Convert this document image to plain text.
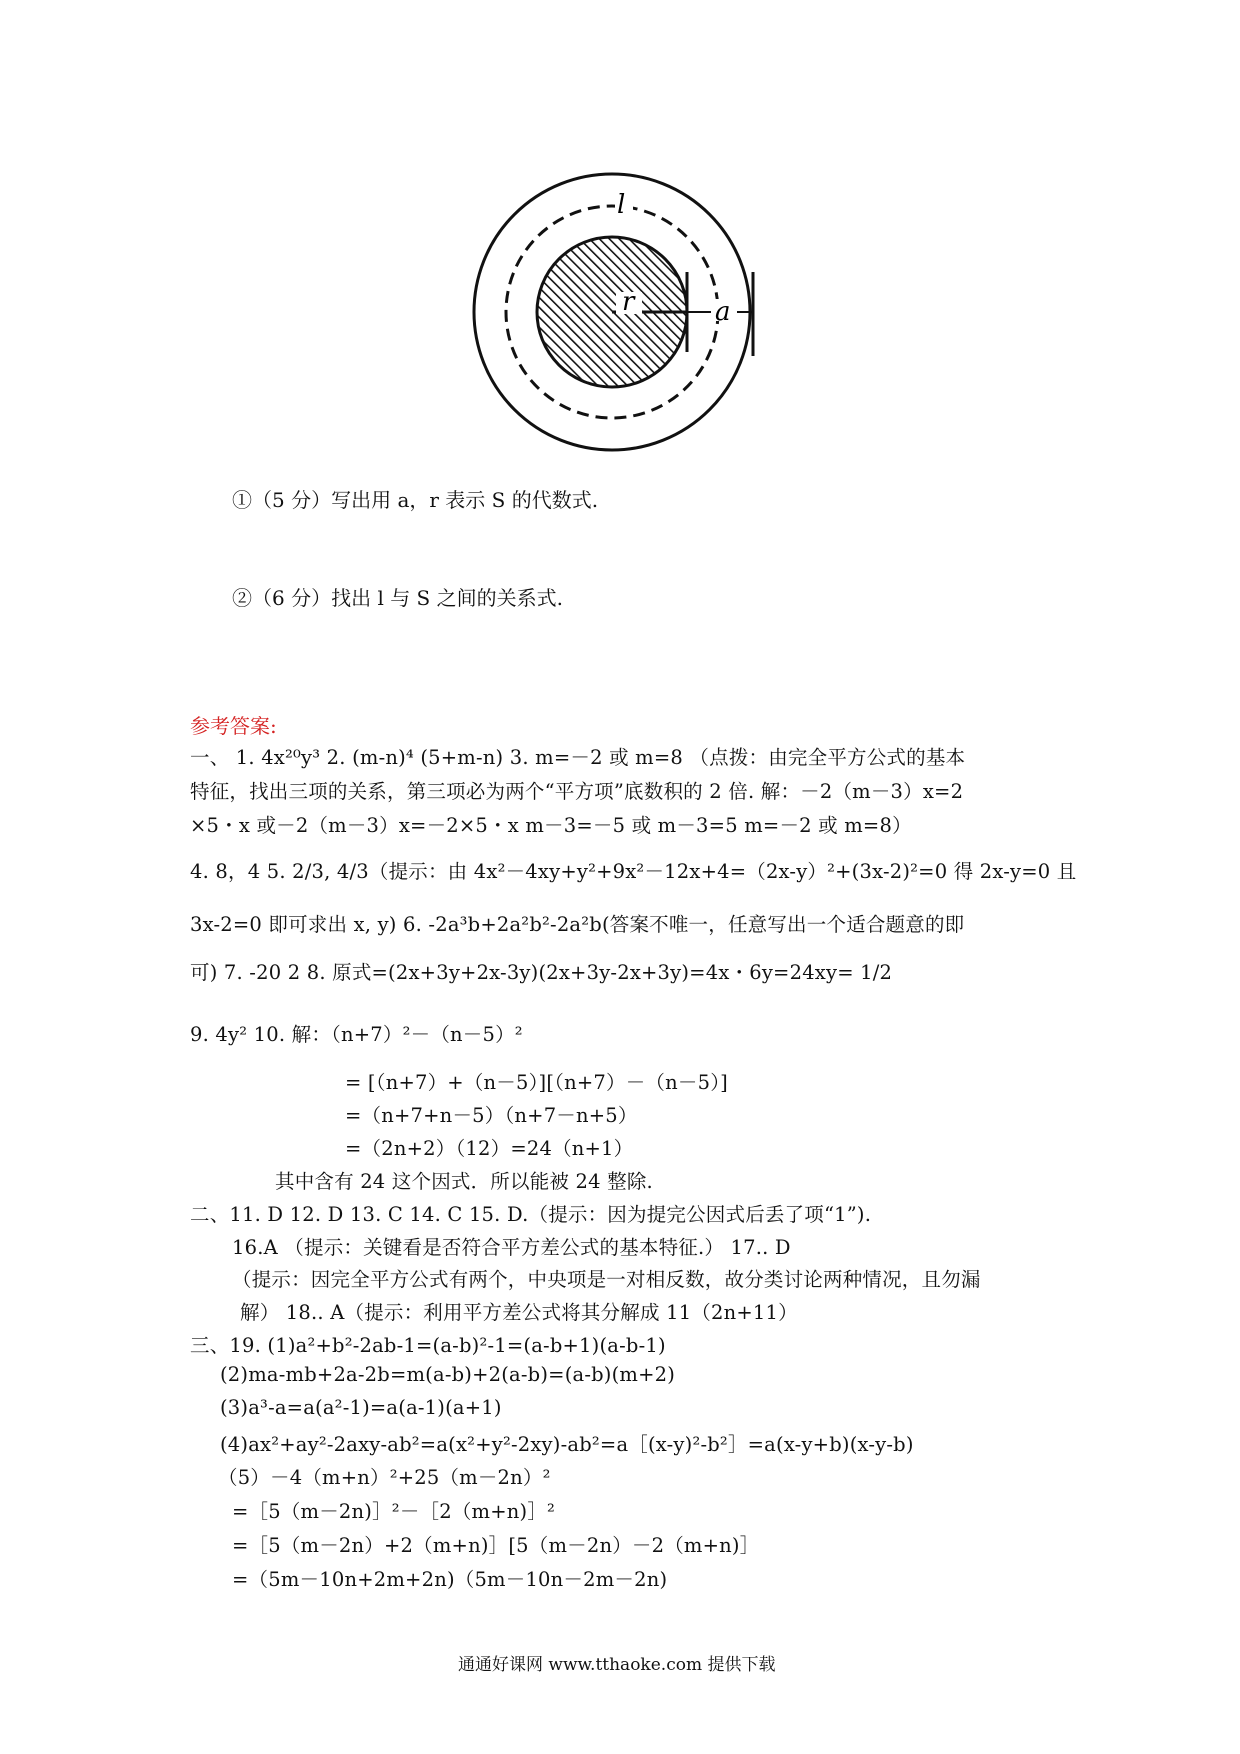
r	a
l
①（5 分）写出用 a，r 表示 S 的代数式.
②（6 分）找出 l 与 S 之间的关系式.
参考答案:
一、 1. 4x²⁰y³ 2. (m-n)⁴ (5+m-n) 3. m=－2 或 m=8 （点拨：由完全平方公式的基本
特征，找出三项的关系，第三项必为两个“平方项”底数积的 2 倍. 解：－2（m－3）x=2
×5・x 或－2（m－3）x=－2×5・x m－3=－5 或 m－3=5 m=－2 或 m=8）
4. 8，4 5. 2/3, 4/3（提示：由 4x²－4xy+y²+9x²－12x+4=（2x-y）²+(3x-2)²=0 得 2x-y=0 且
3x-2=0 即可求出 x, y) 6. -2a³b+2a²b²-2a²b(答案不唯一，任意写出一个适合题意的即
可) 7. -20 2 8. 原式=(2x+3y+2x-3y)(2x+3y-2x+3y)=4x・6y=24xy= 1/2
9. 4y² 10. 解：（n+7）²－（n－5）²
= [（n+7）+（n－5）][（n+7）－（n－5）]
=（n+7+n－5）（n+7－n+5）
=（2n+2）（12）=24（n+1）
其中含有 24 这个因式．所以能被 24 整除.
二、11. D 12. D 13. C 14. C 15. D.（提示：因为提完公因式后丢了项“1”).
16.A （提示：关键看是否符合平方差公式的基本特征.） 17.. D
（提示：因完全平方公式有两个，中央项是一对相反数，故分类讨论两种情况，且勿漏
解） 18.. A（提示：利用平方差公式将其分解成 11（2n+11）
三、19. (1)a²+b²-2ab-1=(a-b)²-1=(a-b+1)(a-b-1)
(2)ma-mb+2a-2b=m(a-b)+2(a-b)=(a-b)(m+2)
(3)a³-a=a(a²-1)=a(a-1)(a+1)
(4)ax²+ay²-2axy-ab²=a(x²+y²-2xy)-ab²=a［(x-y)²-b²］=a(x-y+b)(x-y-b)
（5）－4（m+n）²+25（m－2n）²
=［5（m－2n)］²－［2（m+n)］²
=［5（m－2n）+2（m+n)］[5（m－2n）－2（m+n)］
=（5m－10n+2m+2n)（5m－10n－2m－2n)
通通好课网 www.tthaoke.com 提供下载
